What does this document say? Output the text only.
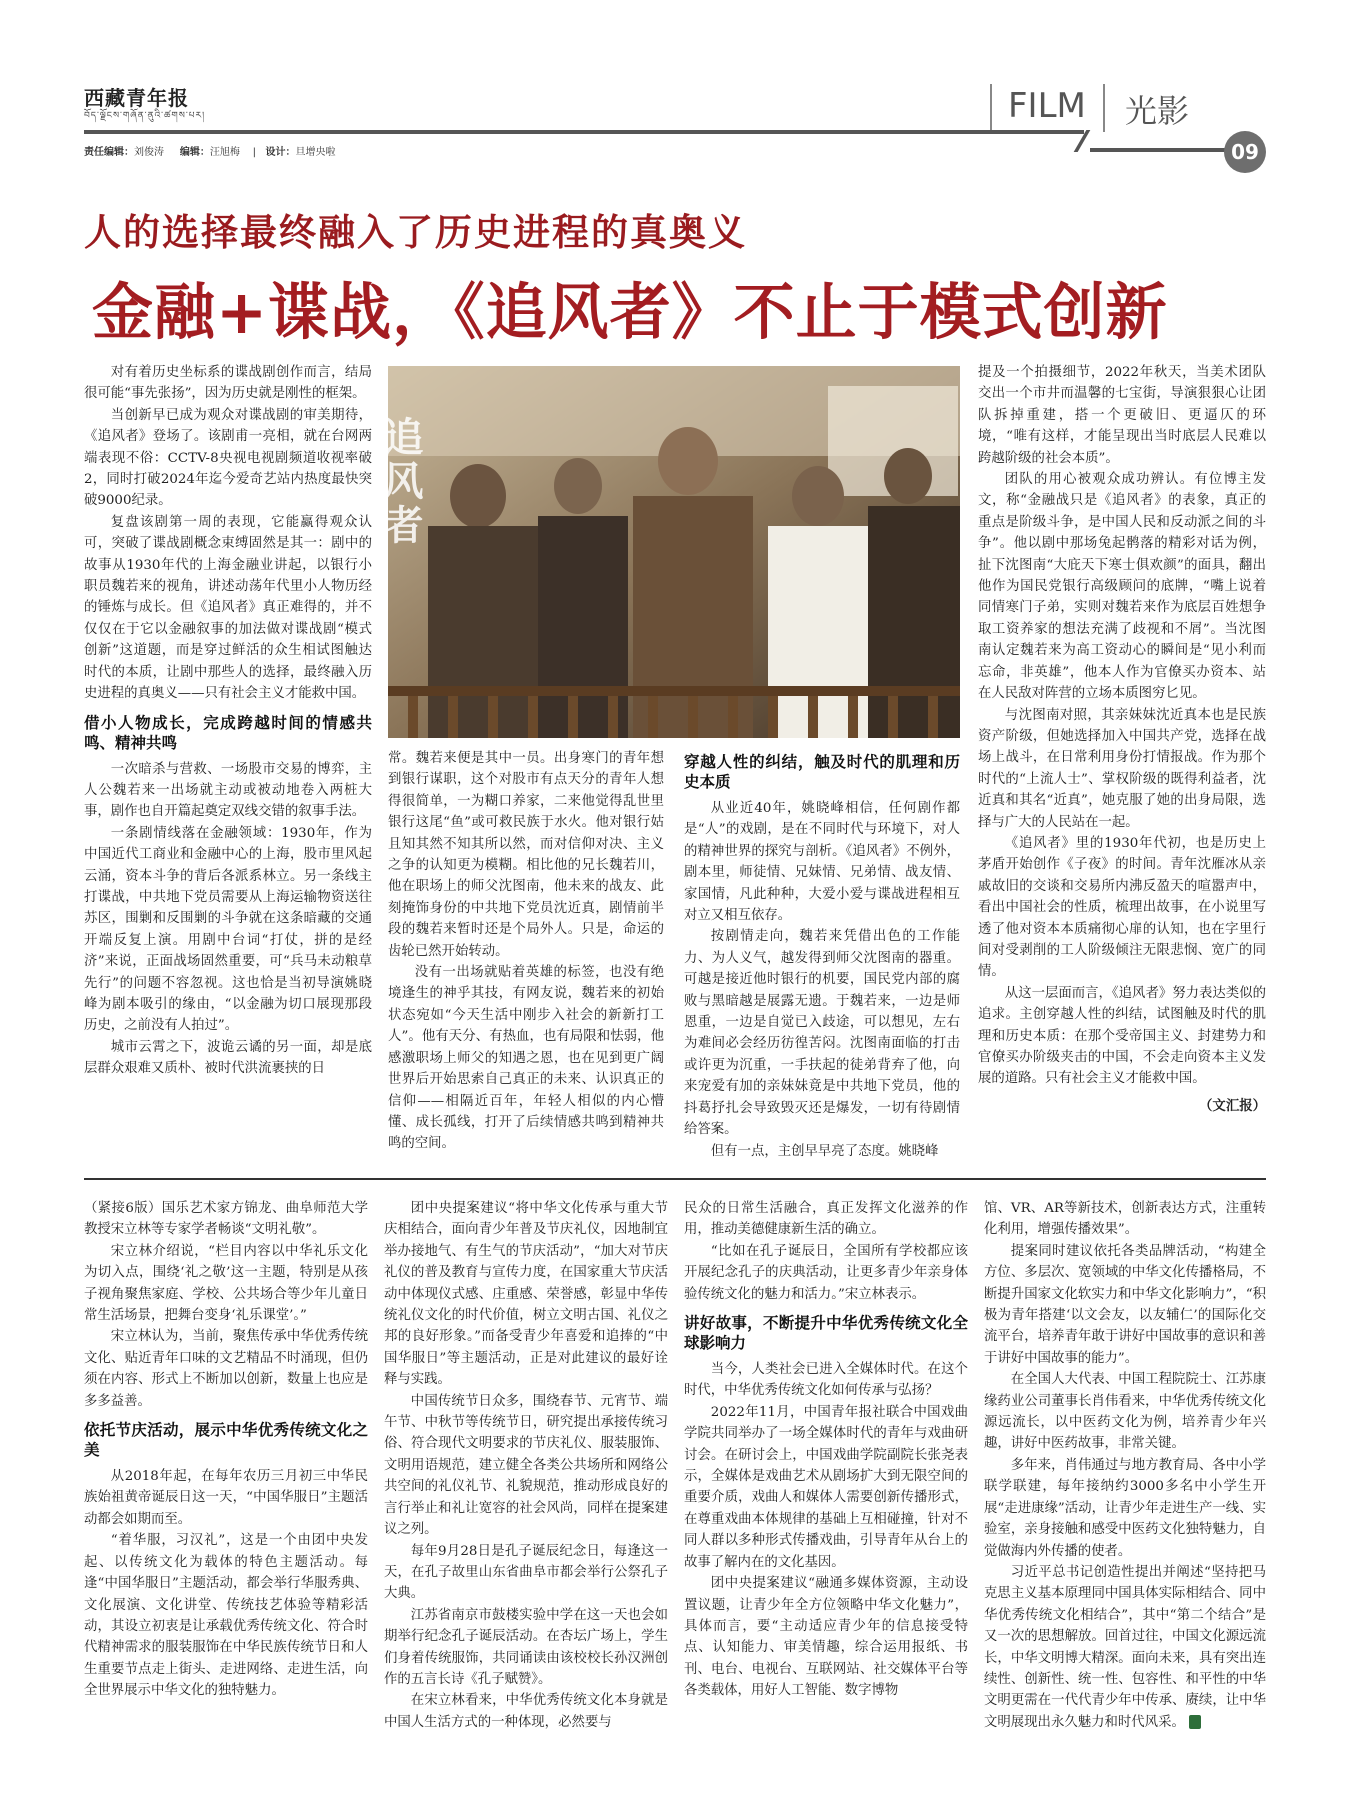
西藏青年报
བོད་ལྗོངས་གཞོན་ནུའི་ཚགས་པར།	FILM 光影
09
责任编辑：刘俊涛 编辑：汪旭梅    |   设计：旦增央啦
人的选择最终融入了历史进程的真奥义
金融+谍战，《追风者》不止于模式创新

对有着历史坐标系的谍战剧创作而言，结局很可能“事先张扬”，因为历史就是刚性的框架。

当创新早已成为观众对谍战剧的审美期待，《追风者》登场了。该剧甫一亮相，就在台网两端表现不俗：CCTV-8央视电视剧频道收视率破2，同时打破2024年迄今爱奇艺站内热度最快突破9000纪录。

复盘该剧第一周的表现，它能赢得观众认可，突破了谍战剧概念束缚固然是其一：剧中的故事从1930年代的上海金融业讲起，以银行小职员魏若来的视角，讲述动荡年代里小人物历经的锤炼与成长。但《追风者》真正难得的，并不仅仅在于它以金融叙事的加法做对谍战剧“模式创新”这道题，而是穿过鲜活的众生相试图触达时代的本质，让剧中那些人的选择，最终融入历史进程的真奥义——只有社会主义才能救中国。

借小人物成长，完成跨越时间的情感共鸣、精神共鸣

一次暗杀与营救、一场股市交易的博弈，主人公魏若来一出场就主动或被动地卷入两桩大事，剧作也自开篇起奠定双线交错的叙事手法。

一条剧情线落在金融领域：1930年，作为中国近代工商业和金融中心的上海，股市里风起云涌，资本斗争的背后各派系林立。另一条线主打谍战，中共地下党员需要从上海运输物资送往苏区，围剿和反围剿的斗争就在这条暗藏的交通开端反复上演。用剧中台词“打仗，拼的是经济”来说，正面战场固然重要，可“兵马未动粮草先行”的问题不容忽视。这也恰是当初导演姚晓峰为剧本吸引的缘由，“以金融为切口展现那段历史，之前没有人拍过”。

城市云霄之下，波诡云谲的另一面，却是底层群众艰难又质朴、被时代洪流裹挟的日

追风者

常。魏若来便是其中一员。出身寒门的青年想到银行谋职，这个对股市有点天分的青年人想得很简单，一为糊口养家，二来他觉得乱世里银行这尾“鱼”或可救民族于水火。他对银行姑且知其然不知其所以然，而对信仰对决、主义之争的认知更为模糊。相比他的兄长魏若川，他在职场上的师父沈图南，他未来的战友、此刻掩饰身份的中共地下党员沈近真，剧情前半段的魏若来暂时还是个局外人。只是，命运的齿轮已然开始转动。

没有一出场就贴着英雄的标签，也没有绝境逢生的神乎其技，有网友说，魏若来的初始状态宛如“今天生活中刚步入社会的新新打工人”。他有天分、有热血，也有局限和怯弱，他感激职场上师父的知遇之恩，也在见到更广阔世界后开始思索自己真正的未来、认识真正的信仰——相隔近百年，年轻人相似的内心懵懂、成长孤线，打开了后续情感共鸣到精神共鸣的空间。

穿越人性的纠结，触及时代的肌理和历史本质

从业近40年，姚晓峰相信，任何剧作都是“人”的戏剧，是在不同时代与环境下，对人的精神世界的探究与剖析。《追风者》不例外，剧本里，师徒情、兄妹情、兄弟情、战友情、家国情，凡此种种，大爱小爱与谍战进程相互对立又相互依存。

按剧情走向，魏若来凭借出色的工作能力、为人义气，越发得到师父沈图南的器重。可越是接近他时银行的机要，国民党内部的腐败与黑暗越是展露无遗。于魏若来，一边是师恩重，一边是自觉已入歧途，可以想见，左右为难间必会经历彷徨苦闷。沈图南面临的打击或许更为沉重，一手扶起的徒弟背弃了他，向来宠爱有加的亲妹妹竟是中共地下党员，他的抖葛抒扎会导致毁灭还是爆发，一切有待剧情给答案。

但有一点，主创早早亮了态度。姚晓峰

提及一个拍摄细节，2022年秋天，当美术团队交出一个市井而温馨的七宝街，导演狠狠心让团队拆掉重建，搭一个更破旧、更逼仄的环境，“唯有这样，才能呈现出当时底层人民难以跨越阶级的社会本质”。

团队的用心被观众成功辨认。有位博主发文，称“金融战只是《追风者》的表象，真正的重点是阶级斗争，是中国人民和反动派之间的斗争”。他以剧中那场兔起鹘落的精彩对话为例，扯下沈图南“大庇天下寒士俱欢颜”的面具，翻出他作为国民党银行高级顾问的底牌，“嘴上说着同情寒门子弟，实则对魏若来作为底层百姓想争取工资养家的想法充满了歧视和不屑”。当沈图南认定魏若来为高工资动心的瞬间是“见小利而忘命，非英雄”，他本人作为官僚买办资本、站在人民敌对阵营的立场本质图穷匕见。

与沈图南对照，其亲妹妹沈近真本也是民族资产阶级，但她选择加入中国共产党，选择在战场上战斗，在日常利用身份打情报战。作为那个时代的“上流人士”、掌权阶级的既得利益者，沈近真和其名“近真”，她克服了她的出身局限，选择与广大的人民站在一起。

《追风者》里的1930年代初，也是历史上茅盾开始创作《子夜》的时间。青年沈雁冰从亲戚故旧的交谈和交易所内沸反盈天的喧嚣声中，看出中国社会的性质，梳理出故事，在小说里写透了他对资本本质痛彻心扉的认知，也在字里行间对受剥削的工人阶级倾注无限悲悯、宽广的同情。

从这一层面而言，《追风者》努力表达类似的追求。主创穿越人性的纠结，试图触及时代的肌理和历史本质：在那个受帝国主义、封建势力和官僚买办阶级夹击的中国，不会走向资本主义发展的道路。只有社会主义才能救中国。

（文汇报）

（紧接6版）国乐艺术家方锦龙、曲阜师范大学教授宋立林等专家学者畅谈“文明礼敬”。

宋立林介绍说，“栏目内容以中华礼乐文化为切入点，围绕‘礼之敬’这一主题，特别是从孩子视角聚焦家庭、学校、公共场合等少年儿童日常生活场景，把舞台变身‘礼乐课堂’。”

宋立林认为，当前，聚焦传承中华优秀传统文化、贴近青年口味的文艺精品不时涌现，但仍须在内容、形式上不断加以创新，数量上也应是多多益善。

依托节庆活动，展示中华优秀传统文化之美

从2018年起，在每年农历三月初三中华民族始祖黄帝诞辰日这一天，“中国华服日”主题活动都会如期而至。

“着华服，习汉礼”，这是一个由团中央发起、以传统文化为载体的特色主题活动。每逢“中国华服日”主题活动，都会举行华服秀典、文化展演、文化讲堂、传统技艺体验等精彩活动，其设立初衷是让承载优秀传统文化、符合时代精神需求的服装服饰在中华民族传统节日和人生重要节点走上街头、走进网络、走进生活，向全世界展示中华文化的独特魅力。

团中央提案建议“将中华文化传承与重大节庆相结合，面向青少年普及节庆礼仪，因地制宜举办接地气、有生气的节庆活动”，“加大对节庆礼仪的普及教育与宣传力度，在国家重大节庆活动中体现仪式感、庄重感、荣誉感，彰显中华传统礼仪文化的时代价值，树立文明古国、礼仪之邦的良好形象。”而备受青少年喜爱和追捧的“中国华服日”等主题活动，正是对此建议的最好诠释与实践。

中国传统节日众多，围绕春节、元宵节、端午节、中秋节等传统节日，研究提出承接传统习俗、符合现代文明要求的节庆礼仪、服装服饰、文明用语规范，建立健全各类公共场所和网络公共空间的礼仪礼节、礼貌规范，推动形成良好的言行举止和礼让宽容的社会风尚，同样在提案建议之列。

每年9月28日是孔子诞辰纪念日，每逢这一天，在孔子故里山东省曲阜市都会举行公祭孔子大典。

江苏省南京市鼓楼实验中学在这一天也会如期举行纪念孔子诞辰活动。在杏坛广场上，学生们身着传统服饰，共同诵读由该校校长孙汉洲创作的五言长诗《孔子赋赞》。

在宋立林看来，中华优秀传统文化本身就是中国人生活方式的一种体现，必然要与

民众的日常生活融合，真正发挥文化滋养的作用，推动美德健康新生活的确立。

“比如在孔子诞辰日，全国所有学校都应该开展纪念孔子的庆典活动，让更多青少年亲身体验传统文化的魅力和活力。”宋立林表示。

讲好故事，不断提升中华优秀传统文化全球影响力

当今，人类社会已进入全媒体时代。在这个时代，中华优秀传统文化如何传承与弘扬？

2022年11月，中国青年报社联合中国戏曲学院共同举办了一场全媒体时代的青年与戏曲研讨会。在研讨会上，中国戏曲学院副院长张尧表示，全媒体是戏曲艺术从剧场扩大到无限空间的重要介质，戏曲人和媒体人需要创新传播形式，在尊重戏曲本体规律的基础上互相碰撞，针对不同人群以多种形式传播戏曲，引导青年从台上的故事了解内在的文化基因。

团中央提案建议“融通多媒体资源，主动设置议题，让青少年全方位领略中华文化魅力”，具体而言，要“主动适应青少年的信息接受特点、认知能力、审美情趣，综合运用报纸、书刊、电台、电视台、互联网站、社交媒体平台等各类载体，用好人工智能、数字博物

馆、VR、AR等新技术，创新表达方式，注重转化利用，增强传播效果”。

提案同时建议依托各类品牌活动，“构建全方位、多层次、宽领域的中华文化传播格局，不断提升国家文化软实力和中华文化影响力”，“积极为青年搭建‘以文会友，以友辅仁’的国际化交流平台，培养青年敢于讲好中国故事的意识和善于讲好中国故事的能力”。

在全国人大代表、中国工程院院士、江苏康缘药业公司董事长肖伟看来，中华优秀传统文化源远流长，以中医药文化为例，培养青少年兴趣，讲好中医药故事，非常关键。

多年来，肖伟通过与地方教育局、各中小学联学联建，每年接纳约3000多名中小学生开展“走进康缘”活动，让青少年走进生产一线、实验室，亲身接触和感受中医药文化独特魅力，自觉做海内外传播的使者。

习近平总书记创造性提出并阐述“坚持把马克思主义基本原理同中国具体实际相结合、同中华优秀传统文化相结合”，其中“第二个结合”是又一次的思想解放。回首过往，中国文化源远流长，中华文明博大精深。面向未来，具有突出连续性、创新性、统一性、包容性、和平性的中华文明更需在一代代青少年中传承、赓续，让中华文明展现出永久魅力和时代风采。
